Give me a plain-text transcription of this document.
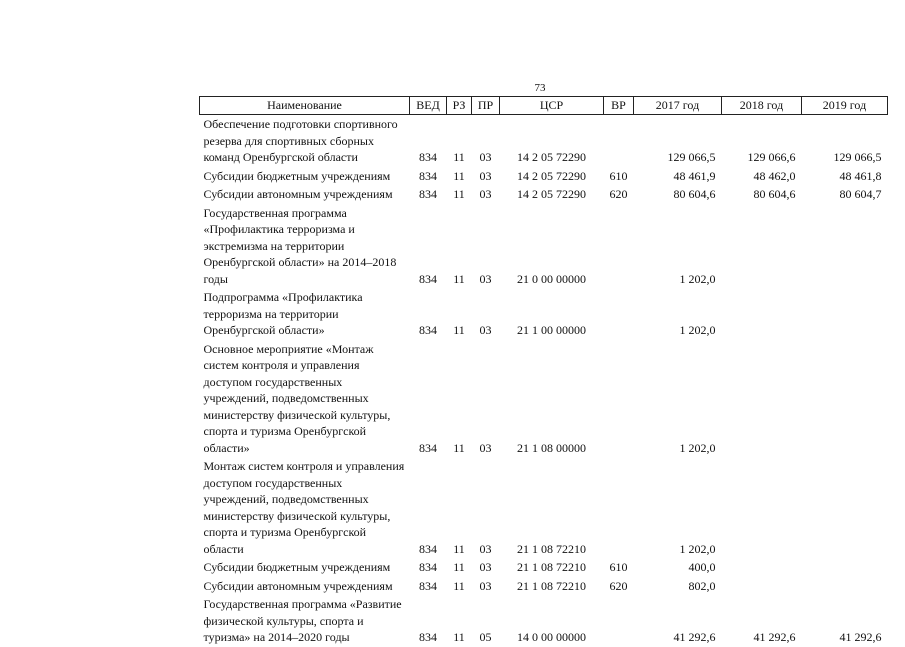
73
Наименование	ВЕД	РЗ	ПР	ЦСР	ВР	2017 год	2018 год	2019 год
Обеспечение подготовки спортивного резерва для спортивных сборных команд Оренбургской области	834	11	03	14 2 05 72290		129 066,5	129 066,6	129 066,5
Субсидии бюджетным учреждениям	834	11	03	14 2 05 72290	610	48 461,9	48 462,0	48 461,8
Субсидии автономным учреждениям	834	11	03	14 2 05 72290	620	80 604,6	80 604,6	80 604,7
Государственная программа «Профилактика терроризма и экстремизма на территории Оренбургской области» на 2014–2018 годы	834	11	03	21 0 00 00000		1 202,0		
Подпрограмма «Профилактика терроризма на территории Оренбургской области»	834	11	03	21 1 00 00000		1 202,0		
Основное мероприятие «Монтаж систем контроля и управления доступом государственных учреждений, подведомственных министерству физической культуры, спорта и туризма Оренбургской области»	834	11	03	21 1 08 00000		1 202,0		
Монтаж систем контроля и управления доступом государственных учреждений, подведомственных министерству физической культуры, спорта и туризма Оренбургской области	834	11	03	21 1 08 72210		1 202,0		
Субсидии бюджетным учреждениям	834	11	03	21 1 08 72210	610	400,0		
Субсидии автономным учреждениям	834	11	03	21 1 08 72210	620	802,0		
Государственная программа «Развитие физической культуры, спорта и туризма» на 2014–2020 годы	834	11	05	14 0 00 00000		41 292,6	41 292,6	41 292,6
